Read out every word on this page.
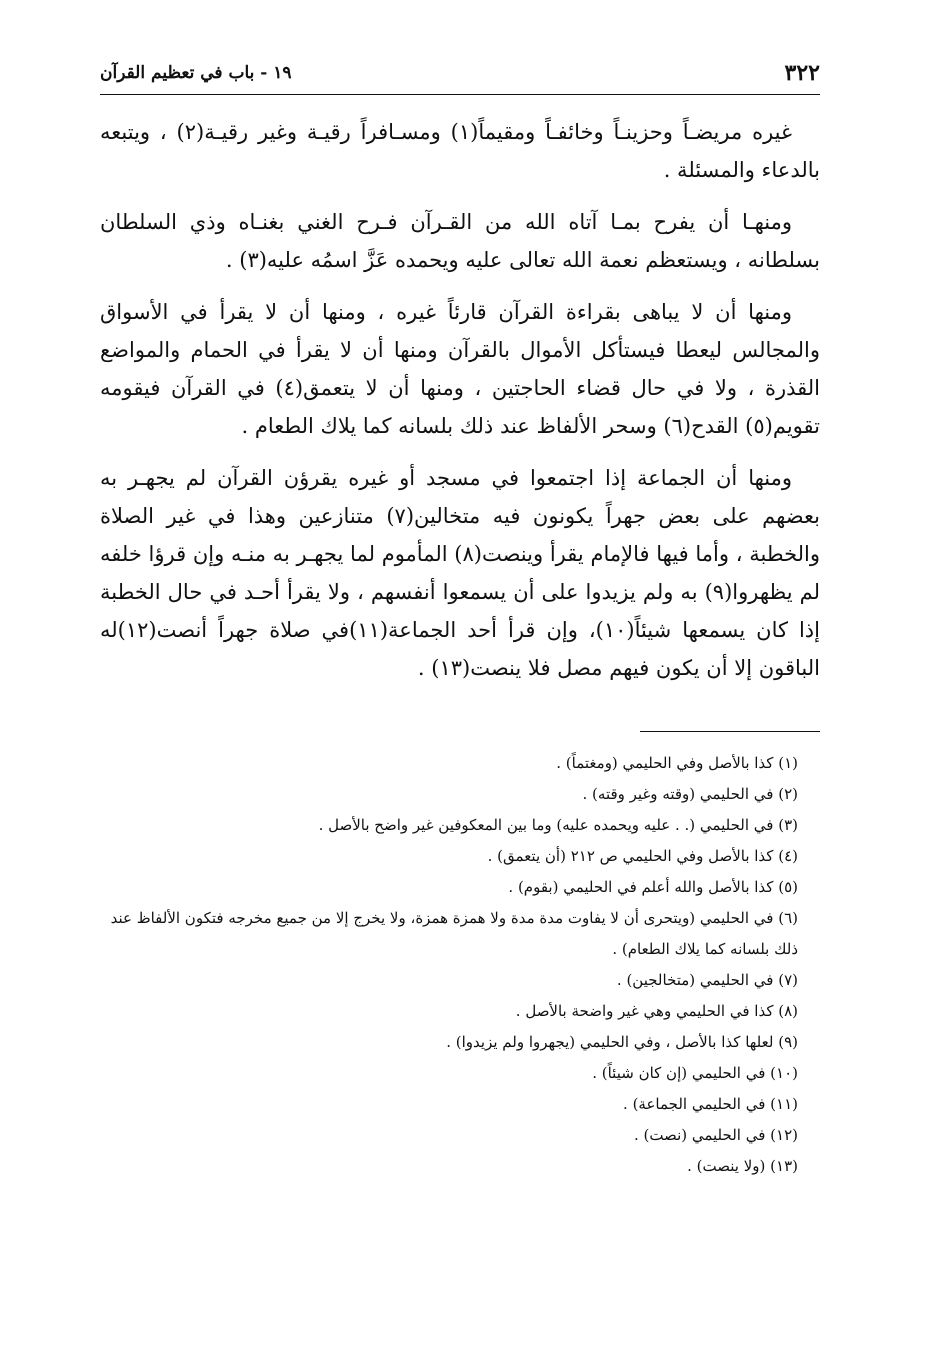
٣٢٢
١٩ - باب في تعظيم القرآن

غيره مريضـاً وحزينـاً وخائفـاً ومقيماً(١) ومسـافراً رقيـة وغير رقيـة(٢) ، ويتبعه بالدعاء والمسئلة .

ومنهـا أن يفرح بمـا آتاه الله من القـرآن فـرح الغني بغنـاه وذي السلطان بسلطانه ، ويستعظم نعمة الله تعالى عليه ويحمده عَزَّ اسمُه عليه(٣) .

ومنها أن لا يباهى بقراءة القرآن قارئاً غيره ، ومنها أن لا يقرأ في الأسواق والمجالس ليعطا فيستأكل الأموال بالقرآن ومنها أن لا يقرأ في الحمام والمواضع القذرة ، ولا في حال قضاء الحاجتين ، ومنها أن لا يتعمق(٤) في القرآن فيقومه تقويم(٥) القدح(٦) وسحر الألفاظ عند ذلك بلسانه كما يلاك الطعام .

ومنها أن الجماعة إذا اجتمعوا في مسجد أو غيره يقرؤن القرآن لم يجهـر به بعضهم على بعض جهراً يكونون فيه متخالين(٧) متنازعين وهذا في غير الصلاة والخطبة ، وأما فيها فالإمام يقرأ وينصت(٨) المأموم لما يجهـر به منـه وإن قرؤا خلفه لم يظهروا(٩) به ولم يزيدوا على أن يسمعوا أنفسهم ، ولا يقرأ أحـد في حال الخطبة إذا كان يسمعها شيئاً(١٠)، وإن قرأ أحد الجماعة(١١)في صلاة جهراً أنصت(١٢)له الباقون إلا أن يكون فيهم مصل فلا ينصت(١٣) .

(١) كذا بالأصل وفي الحليمي (ومغتماً) .
(٢) في الحليمي (وقته وغير وقته) .
(٣) في الحليمي (. . عليه ويحمده عليه) وما بين المعكوفين غير واضح بالأصل .
(٤) كذا بالأصل وفي الحليمي ص ٢١٢ (أن يتعمق) .
(٥) كذا بالأصل والله أعلم في الحليمي (بقوم) .
(٦) في الحليمي (ويتحرى أن لا يفاوت مدة مدة ولا همزة همزة، ولا يخرج إلا من جميع مخرجه فتكون الألفاظ عند ذلك بلسانه كما يلاك الطعام) .
(٧) في الحليمي (متخالجين) .
(٨) كذا في الحليمي وهي غير واضحة بالأصل .
(٩) لعلها كذا بالأصل ، وفي الحليمي (يجهروا ولم يزيدوا) .
(١٠) في الحليمي (إن كان شيئاً) .
(١١) في الحليمي الجماعة) .
(١٢) في الحليمي (نصت) .
(١٣) (ولا ينصت) .
